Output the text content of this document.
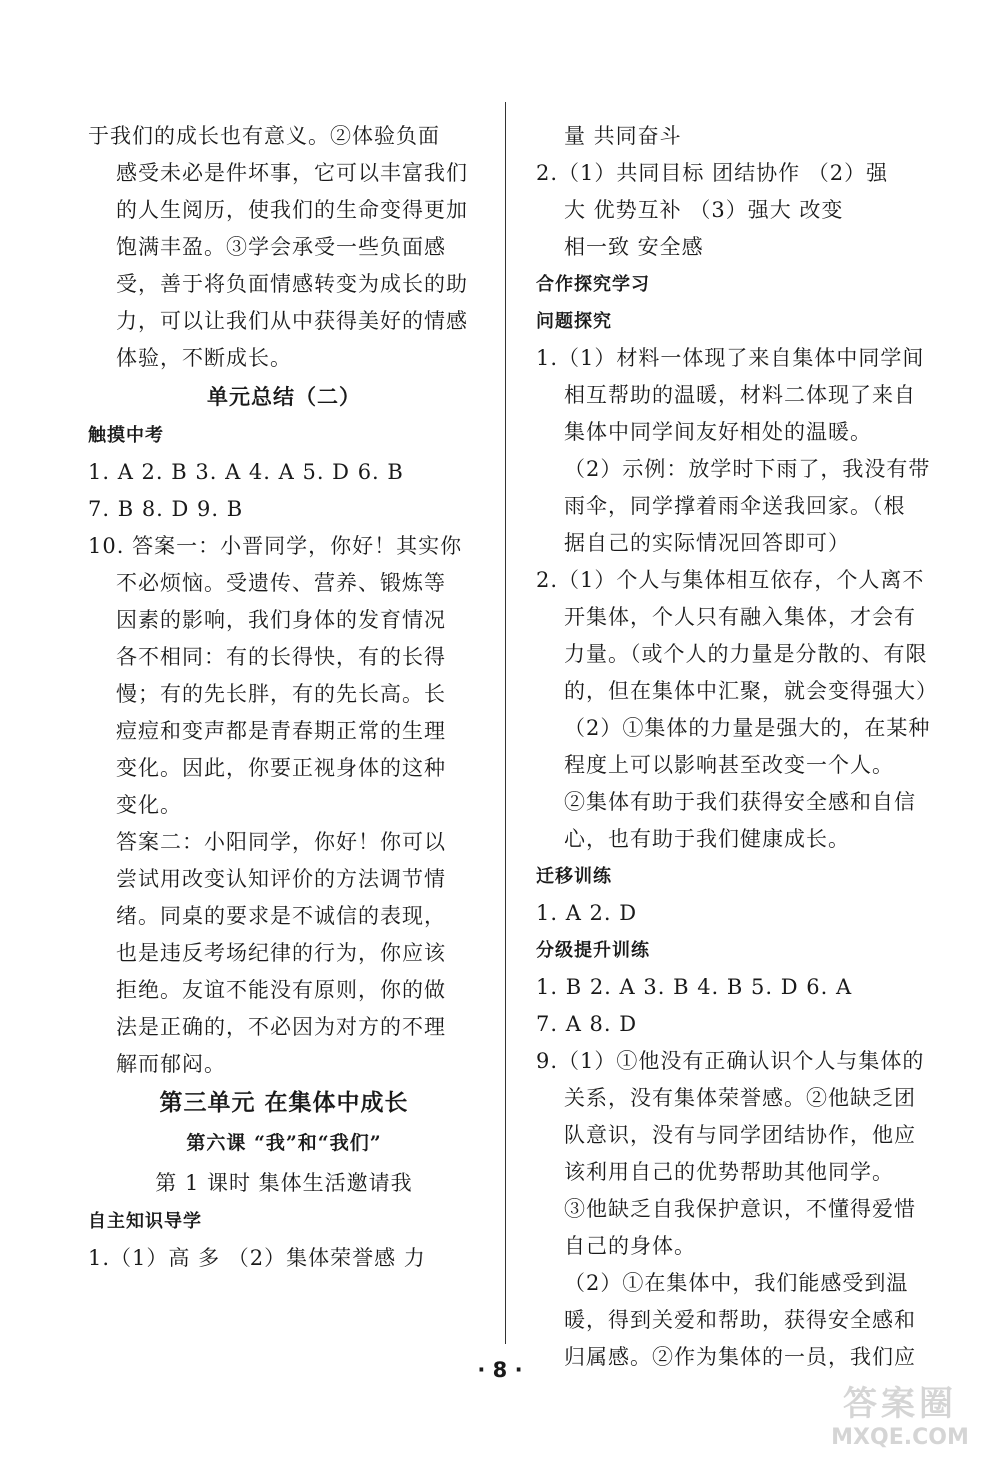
于我们的成长也有意义。②体验负面
感受未必是件坏事，它可以丰富我们
的人生阅历，使我们的生命变得更加
饱满丰盈。③学会承受一些负面感
受，善于将负面情感转变为成长的助
力，可以让我们从中获得美好的情感
体验，不断成长。
单元总结（二）
触摸中考
1. A 2. B 3. A 4. A 5. D 6. B
7. B 8. D 9. B
10. 答案一：小晋同学，你好！其实你
不必烦恼。受遗传、营养、锻炼等
因素的影响，我们身体的发育情况
各不相同：有的长得快，有的长得
慢；有的先长胖，有的先长高。长
痘痘和变声都是青春期正常的生理
变化。因此，你要正视身体的这种
变化。
答案二：小阳同学，你好！你可以
尝试用改变认知评价的方法调节情
绪。同桌的要求是不诚信的表现，
也是违反考场纪律的行为，你应该
拒绝。友谊不能没有原则，你的做
法是正确的，不必因为对方的不理
解而郁闷。
第三单元 在集体中成长
第六课 “我”和“我们”
第 1 课时 集体生活邀请我
自主知识导学
1.（1）高 多 （2）集体荣誉感 力
量 共同奋斗
2.（1）共同目标 团结协作 （2）强
大 优势互补 （3）强大 改变
相一致 安全感
合作探究学习
问题探究
1.（1）材料一体现了来自集体中同学间
相互帮助的温暖，材料二体现了来自
集体中同学间友好相处的温暖。
（2）示例：放学时下雨了，我没有带
雨伞，同学撑着雨伞送我回家。（根
据自己的实际情况回答即可）
2.（1）个人与集体相互依存，个人离不
开集体，个人只有融入集体，才会有
力量。（或个人的力量是分散的、有限
的，但在集体中汇聚，就会变得强大）
（2）①集体的力量是强大的，在某种
程度上可以影响甚至改变一个人。
②集体有助于我们获得安全感和自信
心，也有助于我们健康成长。
迁移训练
1. A 2. D
分级提升训练
1. B 2. A 3. B 4. B 5. D 6. A
7. A 8. D
9.（1）①他没有正确认识个人与集体的
关系，没有集体荣誉感。②他缺乏团
队意识，没有与同学团结协作，他应
该利用自己的优势帮助其他同学。
③他缺乏自我保护意识，不懂得爱惜
自己的身体。
（2）①在集体中，我们能感受到温
暖，得到关爱和帮助，获得安全感和
归属感。②作为集体的一员，我们应
· 8 ·
答案圈
MXQE.COM
